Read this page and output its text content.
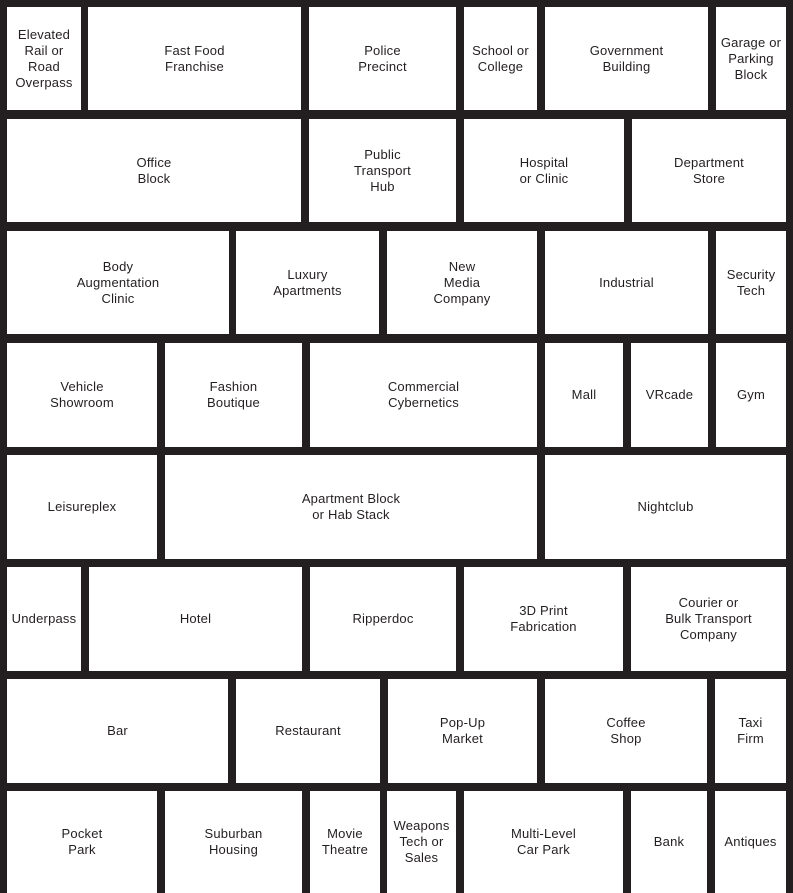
Elevated
Rail or
Road
Overpass
Fast Food
Franchise
Police
Precinct
School or
College
Government
Building
Garage or
Parking
Block
Office
Block
Public
Transport
Hub
Hospital
or Clinic
Department
Store
Body
Augmentation
Clinic
Luxury
Apartments
New
Media
Company
Industrial
Security
Tech
Vehicle
Showroom
Fashion
Boutique
Commercial
Cybernetics
Mall	VRcade	Gym
Leisureplex
Apartment Block
or Hab Stack
Nightclub
Underpass	Hotel	Ripperdoc
3D Print
Fabrication
Courier or
Bulk Transport
Company
Bar	Restaurant
Pop-Up
Market
Coffee
Shop
Taxi
Firm
Pocket
Park
Suburban
Housing
Movie
Theatre
Weapons
Tech or
Sales
Multi-Level
Car Park
Bank	Antiques
